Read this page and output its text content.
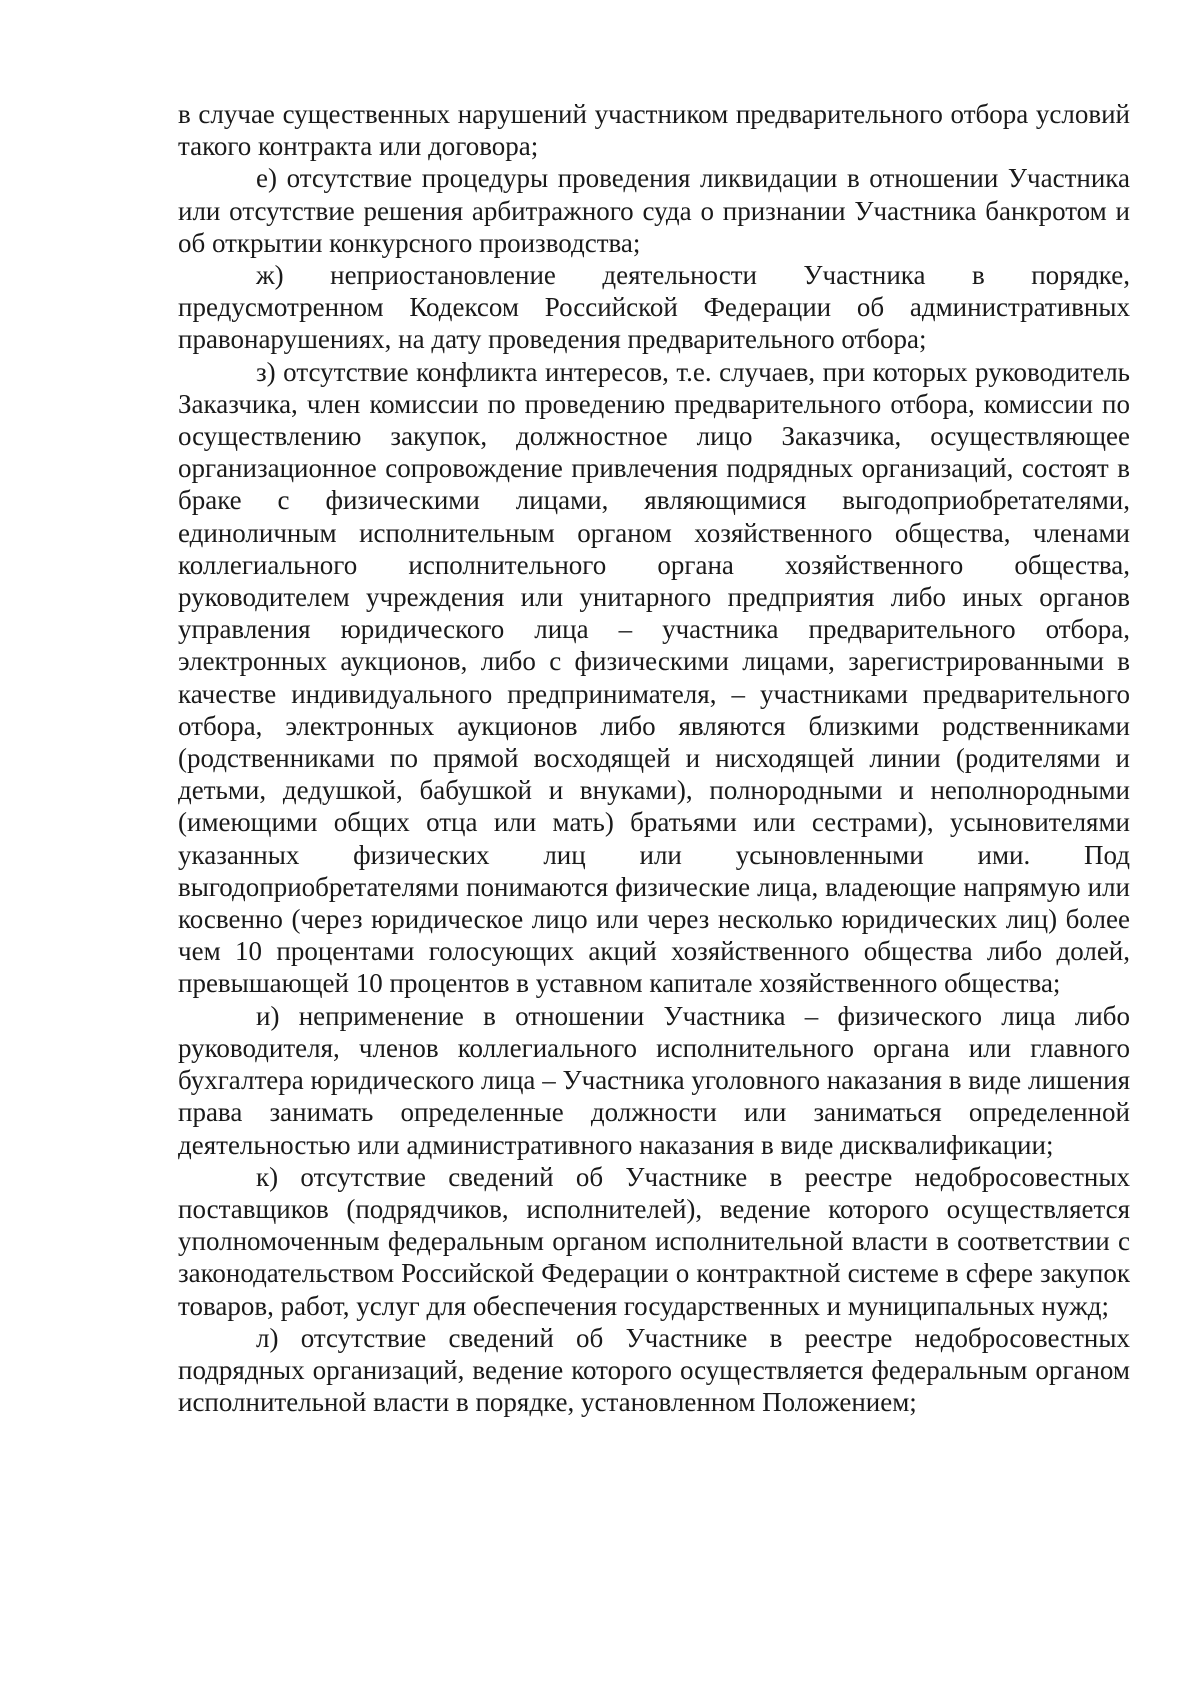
в случае существенных нарушений участником предварительного отбора условий такого контракта или договора;

е) отсутствие процедуры проведения ликвидации в отношении Участника или отсутствие решения арбитражного суда о признании Участника банкротом и об открытии конкурсного производства;

ж) неприостановление деятельности Участника в порядке, предусмотренном Кодексом Российской Федерации об административных правонарушениях, на дату проведения предварительного отбора;

з) отсутствие конфликта интересов, т.е. случаев, при которых руководитель Заказчика, член комиссии по проведению предварительного отбора, комиссии по осуществлению закупок, должностное лицо Заказчика, осуществляющее организационное сопровождение привлечения подрядных организаций, состоят в браке с физическими лицами, являющимися выгодоприобретателями, единоличным исполнительным органом хозяйственного общества, членами коллегиального исполнительного органа хозяйственного общества, руководителем учреждения или унитарного предприятия либо иных органов управления юридического лица – участника предварительного отбора, электронных аукционов, либо с физическими лицами, зарегистрированными в качестве индивидуального предпринимателя, – участниками предварительного отбора, электронных аукционов либо являются близкими родственниками (родственниками по прямой восходящей и нисходящей линии (родителями и детьми, дедушкой, бабушкой и внуками), полнородными и неполнородными (имеющими общих отца или мать) братьями или сестрами), усыновителями указанных физических лиц или усыновленными ими. Под выгодоприобретателями понимаются физические лица, владеющие напрямую или косвенно (через юридическое лицо или через несколько юридических лиц) более чем 10 процентами голосующих акций хозяйственного общества либо долей, превышающей 10 процентов в уставном капитале хозяйственного общества;

и) неприменение в отношении Участника – физического лица либо руководителя, членов коллегиального исполнительного органа или главного бухгалтера юридического лица – Участника уголовного наказания в виде лишения права занимать определенные должности или заниматься определенной деятельностью или административного наказания в виде дисквалификации;

к) отсутствие сведений об Участнике в реестре недобросовестных поставщиков (подрядчиков, исполнителей), ведение которого осуществляется уполномоченным федеральным органом исполнительной власти в соответствии с законодательством Российской Федерации о контрактной системе в сфере закупок товаров, работ, услуг для обеспечения государственных и муниципальных нужд;

л) отсутствие сведений об Участнике в реестре недобросовестных подрядных организаций, ведение которого осуществляется федеральным органом исполнительной власти в порядке, установленном Положением;
